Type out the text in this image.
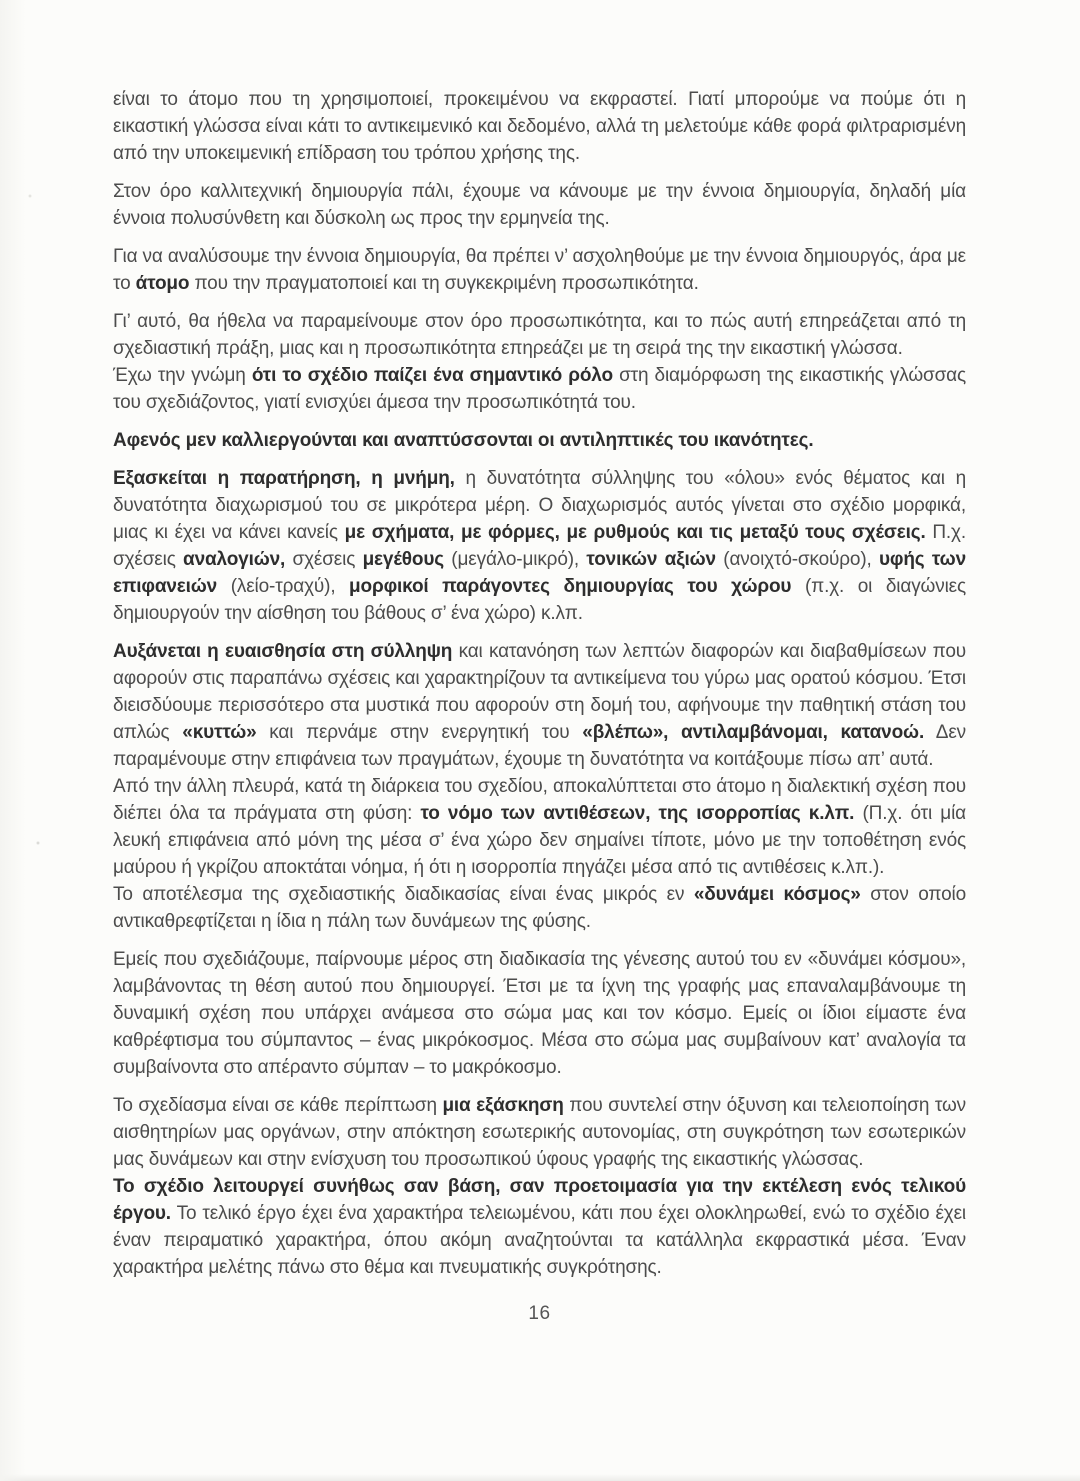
είναι το άτομο που τη χρησιμοποιεί, προκειμένου να εκφραστεί. Γιατί μπορούμε να πούμε ότι η εικαστική γλώσσα είναι κάτι το αντικειμενικό και δεδομένο, αλλά τη μελετούμε κάθε φορά φιλτραρισμένη από την υποκειμενική επίδραση του τρόπου χρήσης της.

Στον όρο καλλιτεχνική δημιουργία πάλι, έχουμε να κάνουμε με την έννοια δημιουργία, δηλαδή μία έννοια πολυσύνθετη και δύσκολη ως προς την ερμηνεία της.

Για να αναλύσουμε την έννοια δημιουργία, θα πρέπει ν’ ασχοληθούμε με την έννοια δημιουργός, άρα με το άτομο που την πραγματοποιεί και τη συγκεκριμένη προσωπικότητα.

Γι’ αυτό, θα ήθελα να παραμείνουμε στον όρο προσωπικότητα, και το πώς αυτή επηρεάζεται από τη σχεδιαστική πράξη, μιας και η προσωπικότητα επηρεάζει με τη σειρά της την εικαστική γλώσσα.

Έχω την γνώμη ότι το σχέδιο παίζει ένα σημαντικό ρόλο στη διαμόρφωση της εικαστικής γλώσσας του σχεδιάζοντος, γιατί ενισχύει άμεσα την προσωπικότητά του.

Αφενός μεν καλλιεργούνται και αναπτύσσονται οι αντιληπτικές του ικανότητες.

Εξασκείται η παρατήρηση, η μνήμη, η δυνατότητα σύλληψης του «όλου» ενός θέματος και η δυνατότητα διαχωρισμού του σε μικρότερα μέρη. Ο διαχωρισμός αυτός γίνεται στο σχέδιο μορφικά, μιας κι έχει να κάνει κανείς με σχήματα, με φόρμες, με ρυθμούς και τις μεταξύ τους σχέσεις. Π.χ. σχέσεις αναλογιών, σχέσεις μεγέθους (μεγάλο-μικρό), τονικών αξιών (ανοιχτό-σκούρο), υφής των επιφανειών (λείο-τραχύ), μορφικοί παράγοντες δημιουργίας του χώρου (π.χ. οι διαγώνιες δημιουργούν την αίσθηση του βάθους σ’ ένα χώρο) κ.λπ.

Αυξάνεται η ευαισθησία στη σύλληψη και κατανόηση των λεπτών διαφορών και διαβαθμίσεων που αφορούν στις παραπάνω σχέσεις και χαρακτηρίζουν τα αντικείμενα του γύρω μας ορατού κόσμου. Έτσι διεισδύουμε περισσότερο στα μυστικά που αφορούν στη δομή του, αφήνουμε την παθητική στάση του απλώς «κυττώ» και περνάμε στην ενεργητική του «βλέπω», αντιλαμβάνομαι, κατανοώ. Δεν παραμένουμε στην επιφάνεια των πραγμάτων, έχουμε τη δυνατότητα να κοιτάξουμε πίσω απ’ αυτά.

Από την άλλη πλευρά, κατά τη διάρκεια του σχεδίου, αποκαλύπτεται στο άτομο η διαλεκτική σχέση που διέπει όλα τα πράγματα στη φύση: το νόμο των αντιθέσεων, της ισορροπίας κ.λπ. (Π.χ. ότι μία λευκή επιφάνεια από μόνη της μέσα σ’ ένα χώρο δεν σημαίνει τίποτε, μόνο με την τοποθέτηση ενός μαύρου ή γκρίζου αποκτάται νόημα, ή ότι η ισορροπία πηγάζει μέσα από τις αντιθέσεις κ.λπ.).

Το αποτέλεσμα της σχεδιαστικής διαδικασίας είναι ένας μικρός εν «δυνάμει κόσμος» στον οποίο αντικαθρεφτίζεται η ίδια η πάλη των δυνάμεων της φύσης.

Εμείς που σχεδιάζουμε, παίρνουμε μέρος στη διαδικασία της γένεσης αυτού του εν «δυνάμει κόσμου», λαμβάνοντας τη θέση αυτού που δημιουργεί. Έτσι με τα ίχνη της γραφής μας επαναλαμβάνουμε τη δυναμική σχέση που υπάρχει ανάμεσα στο σώμα μας και τον κόσμο. Εμείς οι ίδιοι είμαστε ένα καθρέφτισμα του σύμπαντος – ένας μικρόκοσμος. Μέσα στο σώμα μας συμβαίνουν κατ’ αναλογία τα συμβαίνοντα στο απέραντο σύμπαν – το μακρόκοσμο.

Το σχεδίασμα είναι σε κάθε περίπτωση μια εξάσκηση που συντελεί στην όξυνση και τελειοποίηση των αισθητηρίων μας οργάνων, στην απόκτηση εσωτερικής αυτονομίας, στη συγκρότηση των εσωτερικών μας δυνάμεων και στην ενίσχυση του προσωπικού ύφους γραφής της εικαστικής γλώσσας.

Το σχέδιο λειτουργεί συνήθως σαν βάση, σαν προετοιμασία για την εκτέλεση ενός τελικού έργου. Το τελικό έργο έχει ένα χαρακτήρα τελειωμένου, κάτι που έχει ολοκληρωθεί, ενώ το σχέδιο έχει έναν πειραματικό χαρακτήρα, όπου ακόμη αναζητούνται τα κατάλληλα εκφραστικά μέσα. Έναν χαρακτήρα μελέτης πάνω στο θέμα και πνευματικής συγκρότησης.

16
